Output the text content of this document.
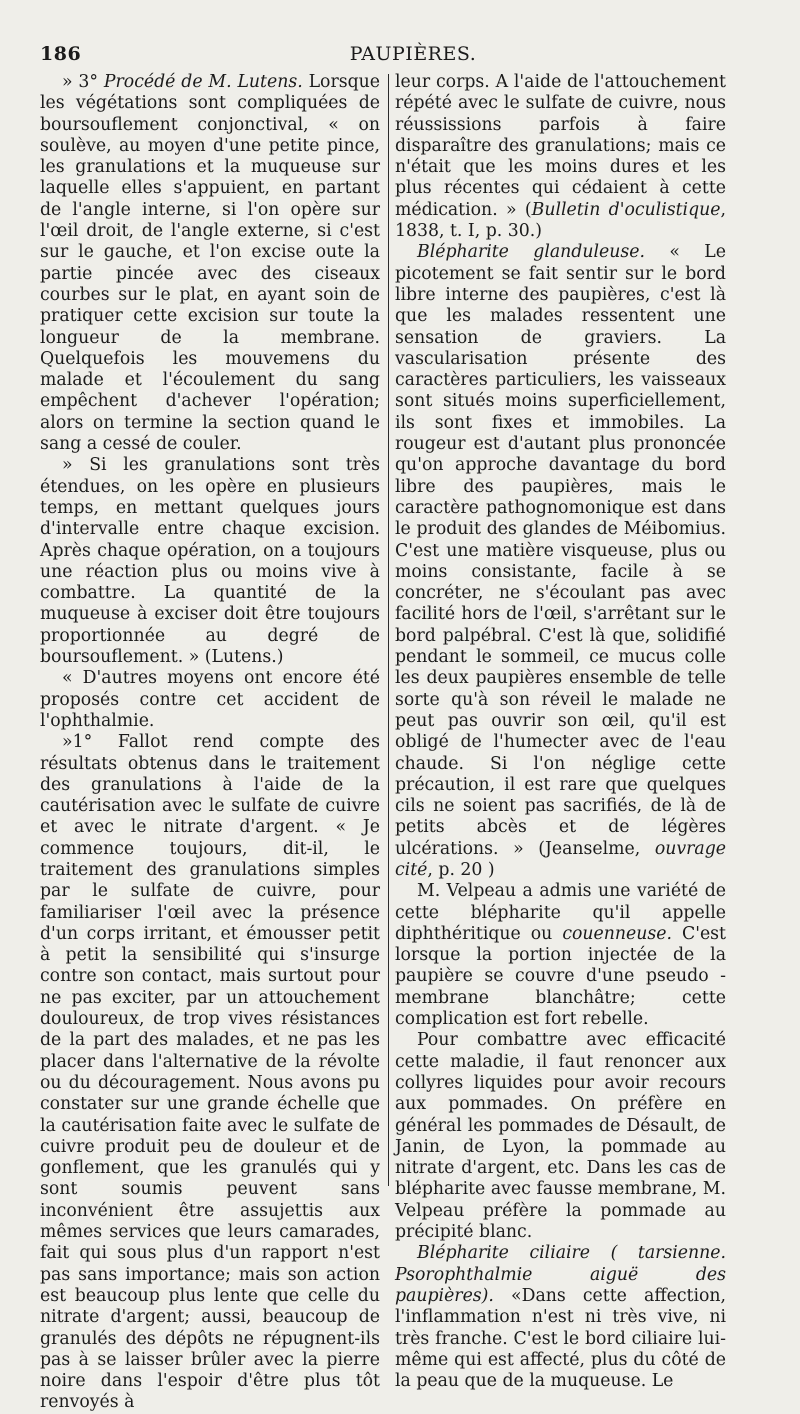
186	PAUPIÈRES.

» 3° Procédé de M. Lutens. Lorsque les végétations sont compliquées de boursouflement conjonctival, « on soulève, au moyen d'une petite pince, les granulations et la muqueuse sur laquelle elles s'appuient, en partant de l'angle interne, si l'on opère sur l'œil droit, de l'angle externe, si c'est sur le gauche, et l'on excise oute la partie pincée avec des ciseaux courbes sur le plat, en ayant soin de pratiquer cette excision sur toute la longueur de la membrane. Quelquefois les mouvemens du malade et l'écoulement du sang empêchent d'achever l'opération; alors on termine la section quand le sang a cessé de couler.

» Si les granulations sont très étendues, on les opère en plusieurs temps, en mettant quelques jours d'intervalle entre chaque excision. Après chaque opération, on a toujours une réaction plus ou moins vive à combattre. La quantité de la muqueuse à exciser doit être toujours proportionnée au degré de boursouflement. » (Lutens.)

« D'autres moyens ont encore été proposés contre cet accident de l'ophthalmie.

»1° Fallot rend compte des résultats obtenus dans le traitement des granulations à l'aide de la cautérisation avec le sulfate de cuivre et avec le nitrate d'argent. « Je commence toujours, dit-il, le traitement des granulations simples par le sulfate de cuivre, pour familiariser l'œil avec la présence d'un corps irritant, et émousser petit à petit la sensibilité qui s'insurge contre son contact, mais surtout pour ne pas exciter, par un attouchement douloureux, de trop vives résistances de la part des malades, et ne pas les placer dans l'alternative de la révolte ou du découragement. Nous avons pu constater sur une grande échelle que la cautérisation faite avec le sulfate de cuivre produit peu de douleur et de gonflement, que les granulés qui y sont soumis peuvent sans inconvénient être assujettis aux mêmes services que leurs camarades, fait qui sous plus d'un rapport n'est pas sans importance; mais son action est beaucoup plus lente que celle du nitrate d'argent; aussi, beaucoup de granulés des dépôts ne répugnent-ils pas à se laisser brûler avec la pierre noire dans l'espoir d'être plus tôt renvoyés à

leur corps. A l'aide de l'attouchement répété avec le sulfate de cuivre, nous réussissions parfois à faire disparaître des granulations; mais ce n'était que les moins dures et les plus récentes qui cédaient à cette médication. » (Bulletin d'oculistique, 1838, t. I, p. 30.)

Blépharite glanduleuse. « Le picotement se fait sentir sur le bord libre interne des paupières, c'est là que les malades ressentent une sensation de graviers. La vascularisation présente des caractères particuliers, les vaisseaux sont situés moins superficiellement, ils sont fixes et immobiles. La rougeur est d'autant plus prononcée qu'on approche davantage du bord libre des paupières, mais le caractère pathognomonique est dans le produit des glandes de Méibomius. C'est une matière visqueuse, plus ou moins consistante, facile à se concréter, ne s'écoulant pas avec facilité hors de l'œil, s'arrêtant sur le bord palpébral. C'est là que, solidifié pendant le sommeil, ce mucus colle les deux paupières ensemble de telle sorte qu'à son réveil le malade ne peut pas ouvrir son œil, qu'il est obligé de l'humecter avec de l'eau chaude. Si l'on néglige cette précaution, il est rare que quelques cils ne soient pas sacrifiés, de là de petits abcès et de légères ulcérations. » (Jeanselme, ouvrage cité, p. 20 )

M. Velpeau a admis une variété de cette blépharite qu'il appelle diphthéritique ou couenneuse. C'est lorsque la portion injectée de la paupière se couvre d'une pseudo - membrane blanchâtre; cette complication est fort rebelle.

Pour combattre avec efficacité cette maladie, il faut renoncer aux collyres liquides pour avoir recours aux pommades. On préfère en général les pommades de Désault, de Janin, de Lyon, la pommade au nitrate d'argent, etc. Dans les cas de blépharite avec fausse membrane, M. Velpeau préfère la pommade au précipité blanc.

Blépharite ciliaire ( tarsienne. Psorophthalmie aiguë des paupières). «Dans cette affection, l'inflammation n'est ni très vive, ni très franche. C'est le bord ciliaire lui-même qui est affecté, plus du côté de la peau que de la muqueuse. Le
